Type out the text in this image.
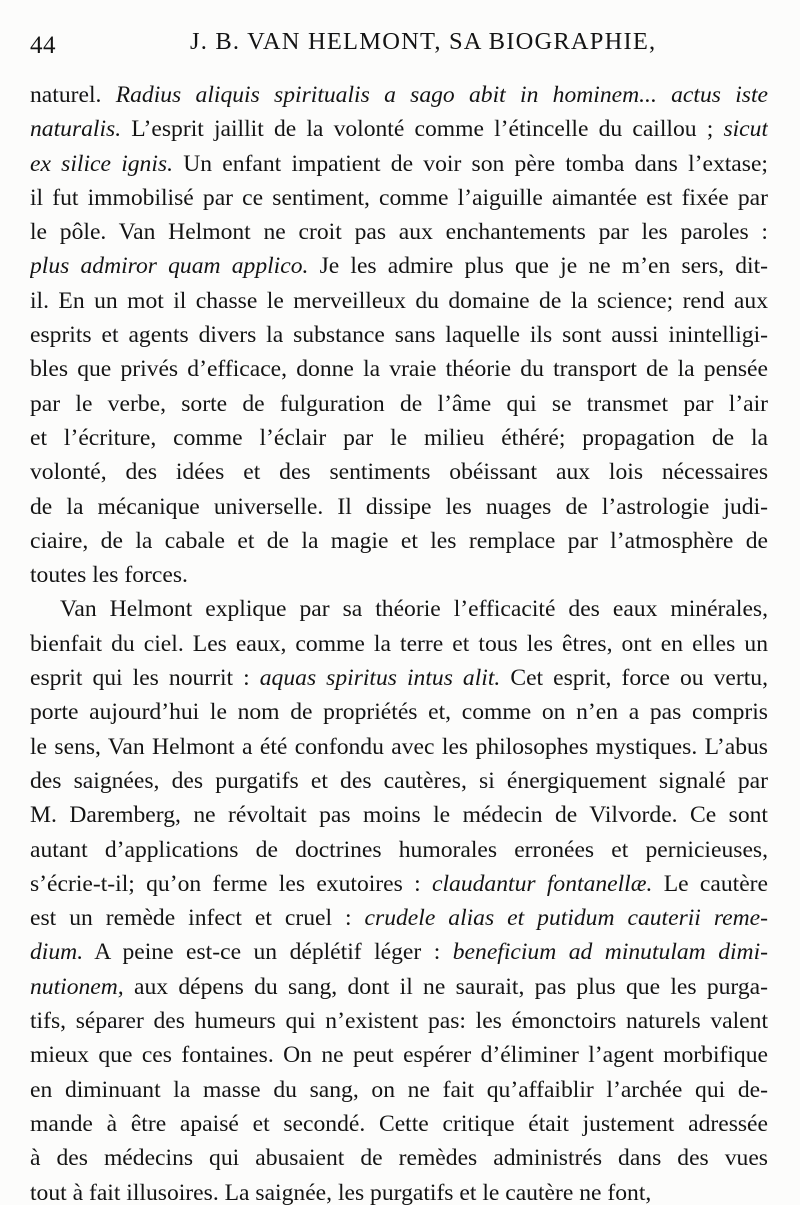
44	J. B. VAN HELMONT, SA BIOGRAPHIE,
naturel. Radius aliquis spiritualis a sago abit in hominem... actus iste
naturalis. L’esprit jaillit de la volonté comme l’étincelle du caillou ; sicut
ex silice ignis. Un enfant impatient de voir son père tomba dans l’extase;
il fut immobilisé par ce sentiment, comme l’aiguille aimantée est fixée par
le pôle. Van Helmont ne croit pas aux enchantements par les paroles :
plus admiror quam applico. Je les admire plus que je ne m’en sers, dit-
il. En un mot il chasse le merveilleux du domaine de la science; rend aux
esprits et agents divers la substance sans laquelle ils sont aussi inintelligi-
bles que privés d’efficace, donne la vraie théorie du transport de la pensée
par le verbe, sorte de fulguration de l’âme qui se transmet par l’air
et l’écriture, comme l’éclair par le milieu éthéré; propagation de la
volonté, des idées et des sentiments obéissant aux lois nécessaires
de la mécanique universelle. Il dissipe les nuages de l’astrologie judi-
ciaire, de la cabale et de la magie et les remplace par l’atmosphère de
toutes les forces.
Van Helmont explique par sa théorie l’efficacité des eaux minérales,
bienfait du ciel. Les eaux, comme la terre et tous les êtres, ont en elles un
esprit qui les nourrit : aquas spiritus intus alit. Cet esprit, force ou vertu,
porte aujourd’hui le nom de propriétés et, comme on n’en a pas compris
le sens, Van Helmont a été confondu avec les philosophes mystiques. L’abus
des saignées, des purgatifs et des cautères, si énergiquement signalé par
M. Daremberg, ne révoltait pas moins le médecin de Vilvorde. Ce sont
autant d’applications de doctrines humorales erronées et pernicieuses,
s’écrie-t-il; qu’on ferme les exutoires : claudantur fontanellæ. Le cautère
est un remède infect et cruel : crudele alias et putidum cauterii reme-
dium. A peine est-ce un déplétif léger : beneficium ad minutulam dimi-
nutionem, aux dépens du sang, dont il ne saurait, pas plus que les purga-
tifs, séparer des humeurs qui n’existent pas: les émonctoirs naturels valent
mieux que ces fontaines. On ne peut espérer d’éliminer l’agent morbifique
en diminuant la masse du sang, on ne fait qu’affaiblir l’archée qui de-
mande à être apaisé et secondé. Cette critique était justement adressée
à des médecins qui abusaient de remèdes administrés dans des vues
tout à fait illusoires. La saignée, les purgatifs et le cautère ne font,
